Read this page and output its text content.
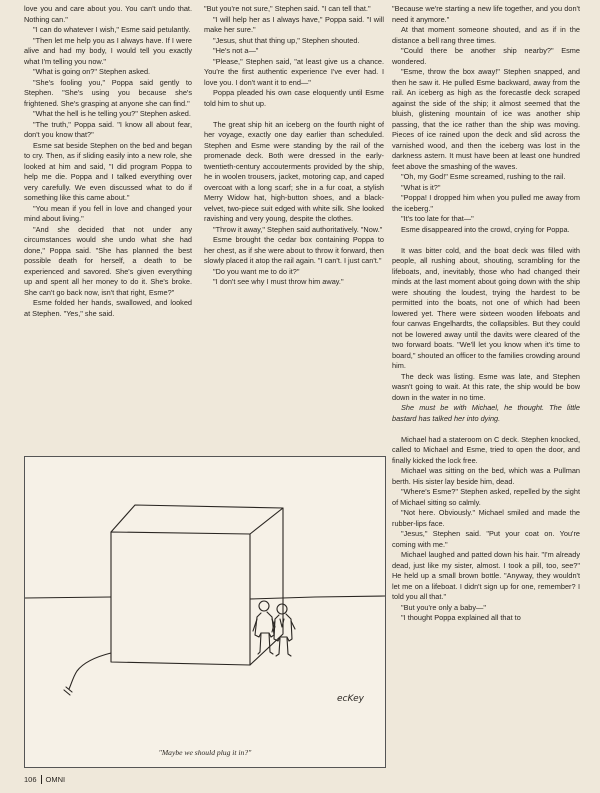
love you and care about you. You can't undo that. Nothing can."

"I can do whatever I wish," Esme said petulantly.

"Then let me help you as I always have. If I were alive and had my body, I would tell you exactly what I'm telling you now."

"What is going on?" Stephen asked.

"She's fooling you," Poppa said gently to Stephen. "She's using you because she's frightened. She's grasping at anyone she can find."

"What the hell is he telling you?" Stephen asked.

"The truth," Poppa said. "I know all about fear, don't you know that?"

Esme sat beside Stephen on the bed and began to cry. Then, as if sliding easily into a new role, she looked at him and said, "I did program Poppa to help me die. Poppa and I talked everything over very carefully. We even discussed what to do if something like this came about."

"You mean if you fell in love and changed your mind about living."

"And she decided that not under any circumstances would she undo what she had done," Poppa said. "She has planned the best possible death for herself, a death to be experienced and savored. She's given everything up and spent all her money to do it. She's broke. She can't go back now, isn't that right, Esme?"

Esme folded her hands, swallowed, and looked at Stephen. "Yes," she said.

"But you're not sure," Stephen said. "I can tell that."

"I will help her as I always have," Poppa said. "I will make her sure."

"Jesus, shut that thing up," Stephen shouted.

"He's not a—"

"Please," Stephen said, "at least give us a chance. You're the first authentic experience I've ever had. I love you. I don't want it to end—"

Poppa pleaded his own case eloquently until Esme told him to shut up.

The great ship hit an iceberg on the fourth night of her voyage, exactly one day earlier than scheduled. Stephen and Esme were standing by the rail of the promenade deck. Both were dressed in the early-twentieth-century accouterments provided by the ship, he in woolen trousers, jacket, motoring cap, and caped overcoat with a long scarf; she in a fur coat, a stylish Merry Widow hat, high-button shoes, and a black-velvet, two-piece suit edged with white silk. She looked ravishing and very young, despite the clothes.

"Throw it away," Stephen said authoritatively. "Now."

Esme brought the cedar box containing Poppa to her chest, as if she were about to throw it forward, then slowly placed it atop the rail again. "I can't. I just can't."

"Do you want me to do it?"

"I don't see why I must throw him away."

"Because we're starting a new life together, and you don't need it anymore."

At that moment someone shouted, and as if in the distance a bell rang three times.

"Could there be another ship nearby?" Esme wondered.

"Esme, throw the box away!" Stephen snapped, and then he saw it. He pulled Esme backward, away from the rail. An iceberg as high as the forecastle deck scraped against the side of the ship; it almost seemed that the bluish, glistening mountain of ice was another ship passing, that the ice rather than the ship was moving. Pieces of ice rained upon the deck and slid across the varnished wood, and then the iceberg was lost in the darkness astern. It must have been at least one hundred feet above the smashing of the waves.

"Oh, my God!" Esme screamed, rushing to the rail.

"What is it?"

"Poppa! I dropped him when you pulled me away from the iceberg."

"It's too late for that—"

Esme disappeared into the crowd, crying for Poppa.

It was bitter cold, and the boat deck was filled with people, all rushing about, shouting, scrambling for the lifeboats, and, inevitably, those who had changed their minds at the last moment about going down with the ship were shouting the loudest, trying the hardest to be permitted into the boats, not one of which had been lowered yet. There were sixteen wooden lifeboats and four canvas Engelhardts, the collapsibles. But they could not be lowered away until the davits were cleared of the two forward boats. "We'll let you know when it's time to board," shouted an officer to the families crowding around him.

The deck was listing. Esme was late, and Stephen wasn't going to wait. At this rate, the ship would be bow down in the water in no time.

She must be with Michael, he thought. The little bastard has talked her into dying.

Michael had a stateroom on C deck. Stephen knocked, called to Michael and Esme, tried to open the door, and finally kicked the lock free.

Michael was sitting on the bed, which was a Pullman berth. His sister lay beside him, dead.

"Where's Esme?" Stephen asked, repelled by the sight of Michael sitting so calmly.

"Not here. Obviously." Michael smiled and made the rubber-lips face.

"Jesus," Stephen said. "Put your coat on. You're coming with me."

Michael laughed and patted down his hair. "I'm already dead, just like my sister, almost. I took a pill, too, see?" He held up a small brown bottle. "Anyway, they wouldn't let me on a lifeboat. I didn't sign up for one, remember? I told you all that."

"But you're only a baby—"

"I thought Poppa explained all that to

ecKey
"Maybe we should plug it in?"
106 OMNI
